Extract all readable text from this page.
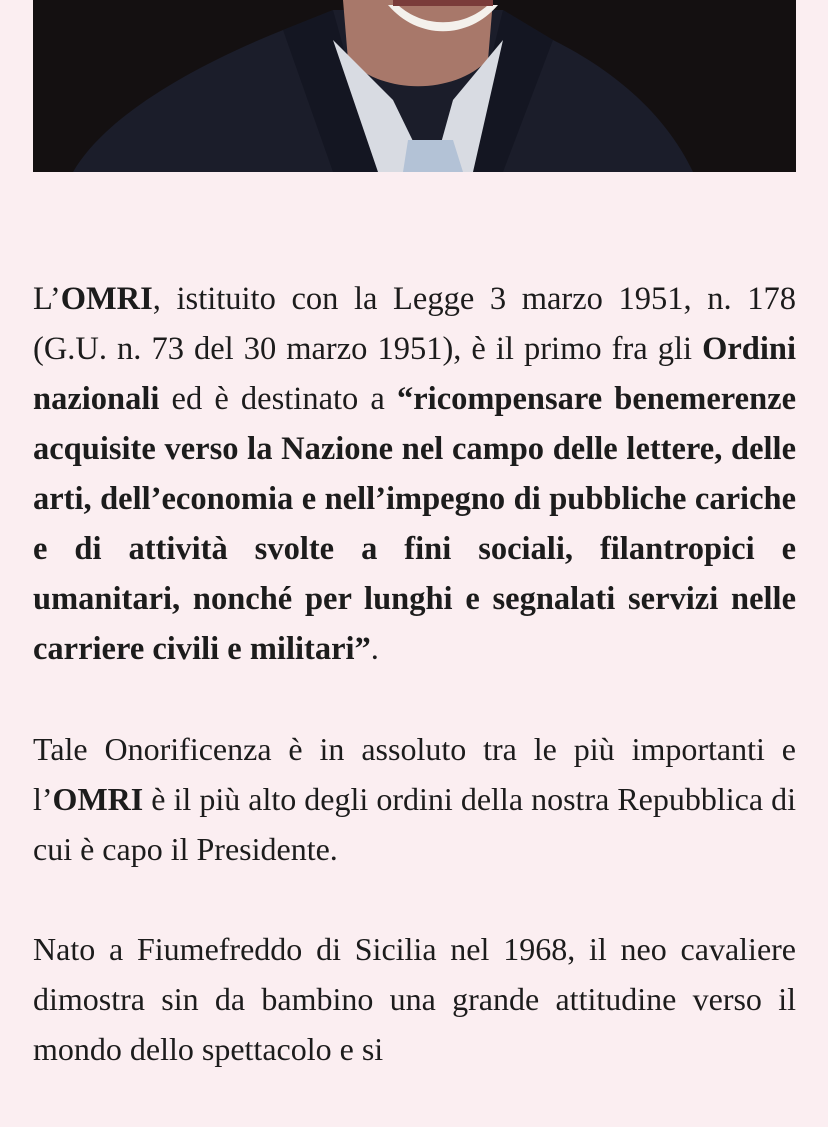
L’OMRI, istituito con la Legge 3 marzo 1951, n. 178 (G.U. n. 73 del 30 marzo 1951), è il primo fra gli Ordini nazionali ed è destinato a “ricompensare benemerenze acquisite verso la Nazione nel campo delle lettere, delle arti, dell’economia e nell’impegno di pubbliche cariche e di attività svolte a fini sociali, filantropici e umanitari, nonché per lunghi e segnalati servizi nelle carriere civili e militari”.

Tale Onorificenza è in assoluto tra le più importanti e l’OMRI è il più alto degli ordini della nostra Repubblica di cui è capo il Presidente.

Nato a Fiumefreddo di Sicilia nel 1968, il neo cavaliere dimostra sin da bambino una grande attitudine verso il mondo dello spettacolo e si
